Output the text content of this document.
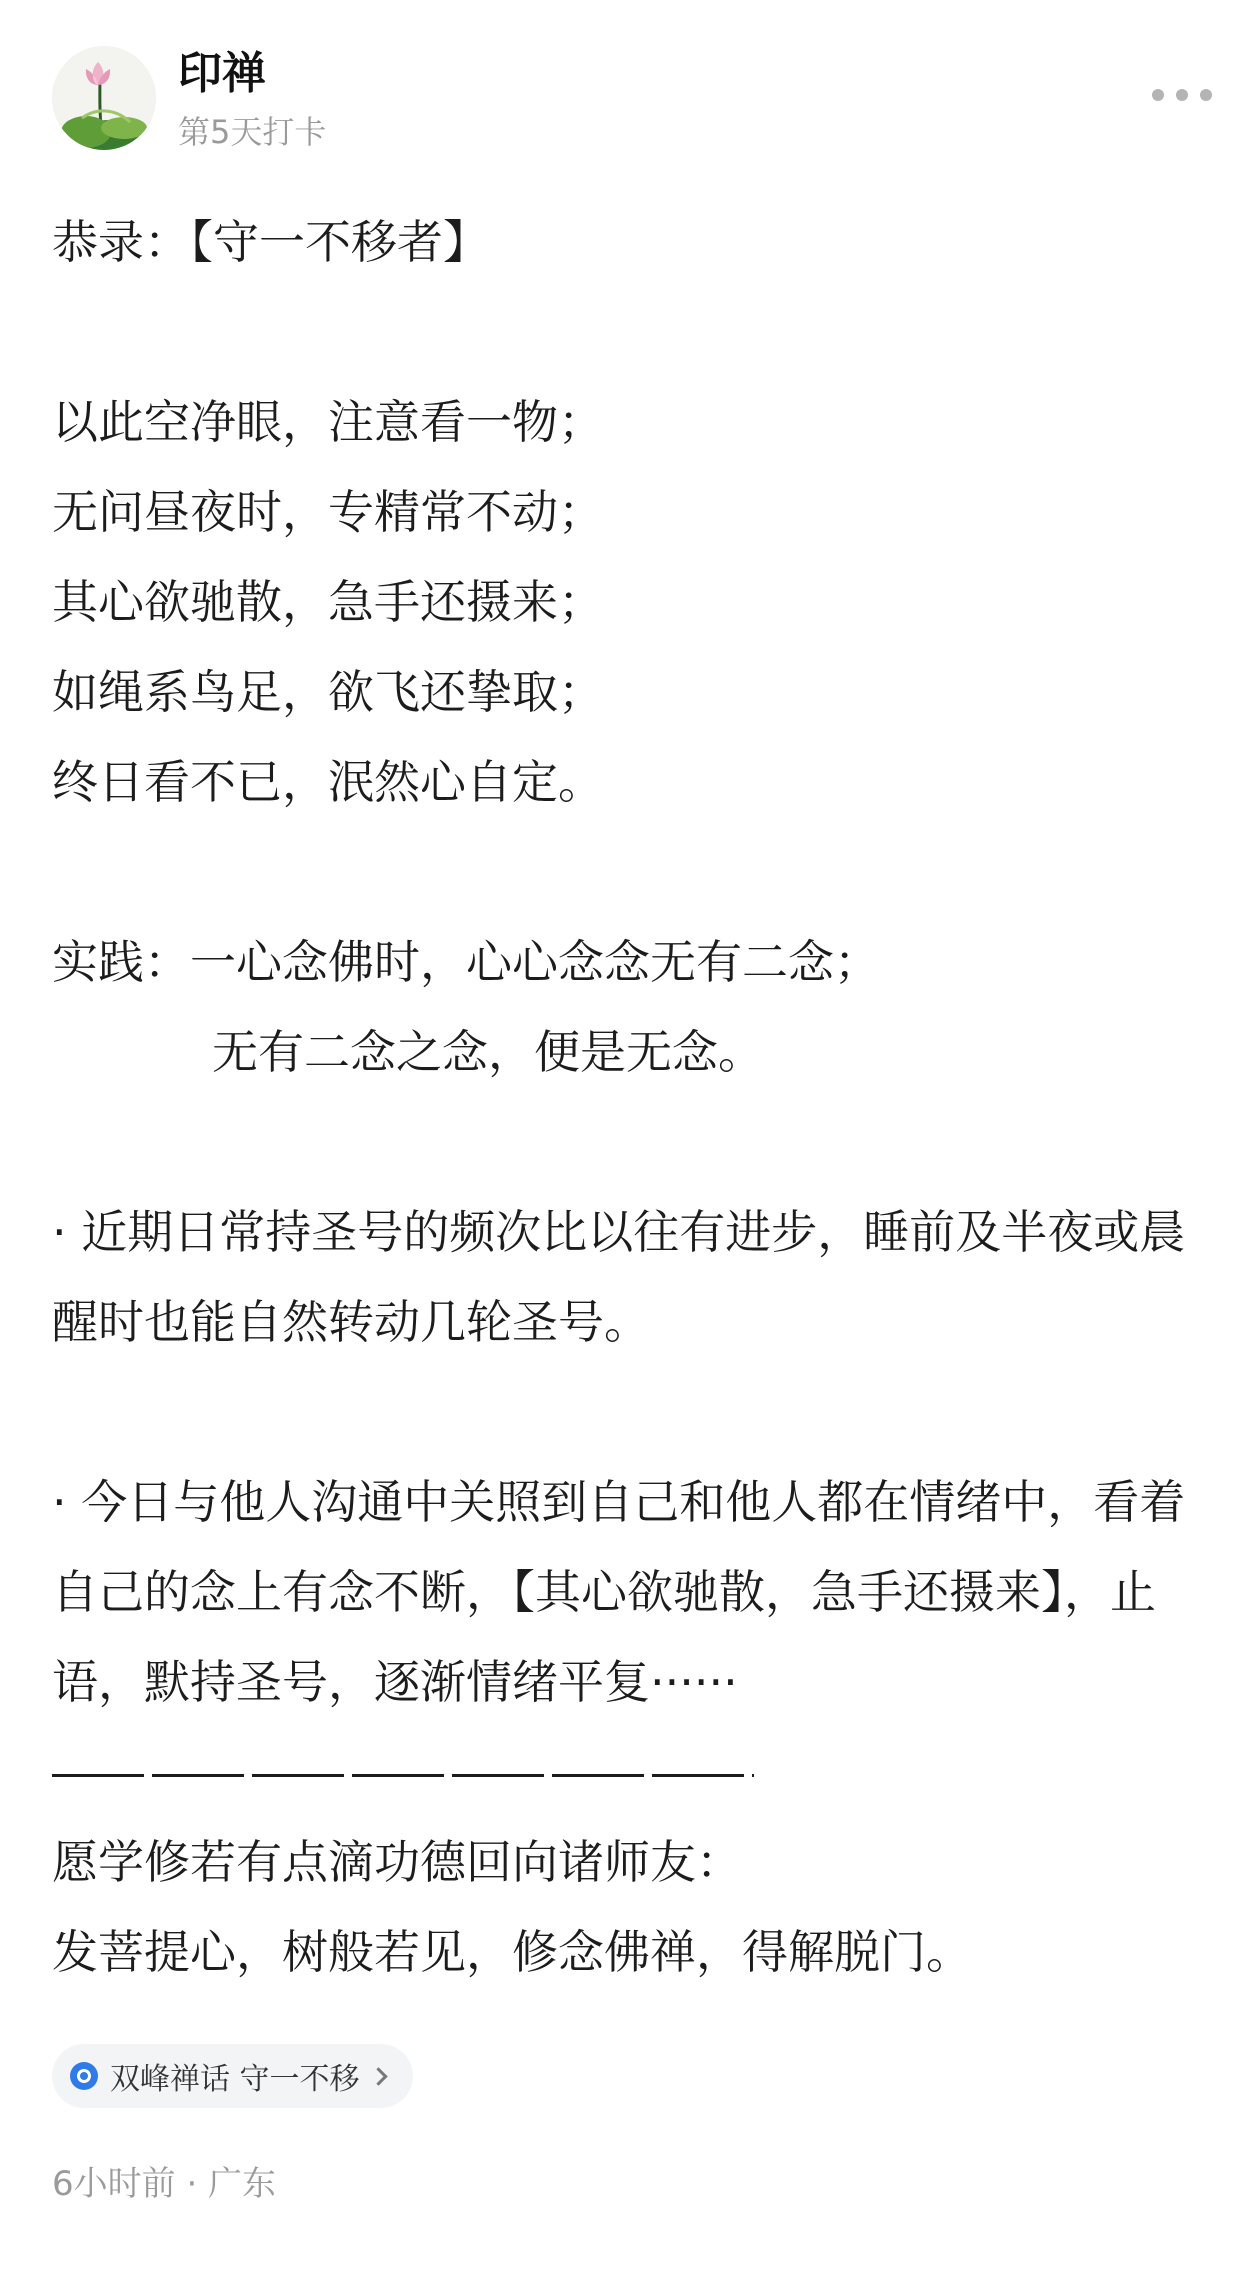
印禅
第5天打卡

恭录：【守一不移者】

以此空净眼，注意看一物；

无问昼夜时，专精常不动；

其心欲驰散，急手还摄来；

如绳系鸟足，欲飞还挚取；

终日看不已，泯然心自定。

实践：一心念佛时，心心念念无有二念；

无有二念之念，便是无念。

· 近期日常持圣号的频次比以往有进步，睡前及半夜或晨醒时也能自然转动几轮圣号。

· 今日与他人沟通中关照到自己和他人都在情绪中，看着自己的念上有念不断，【其心欲驰散，急手还摄来】，止语，默持圣号，逐渐情绪平复······

愿学修若有点滴功德回向诸师友：

发菩提心，树般若见，修念佛禅，得解脱门。

双峰禅话 守一不移
6小时前 · 广东
